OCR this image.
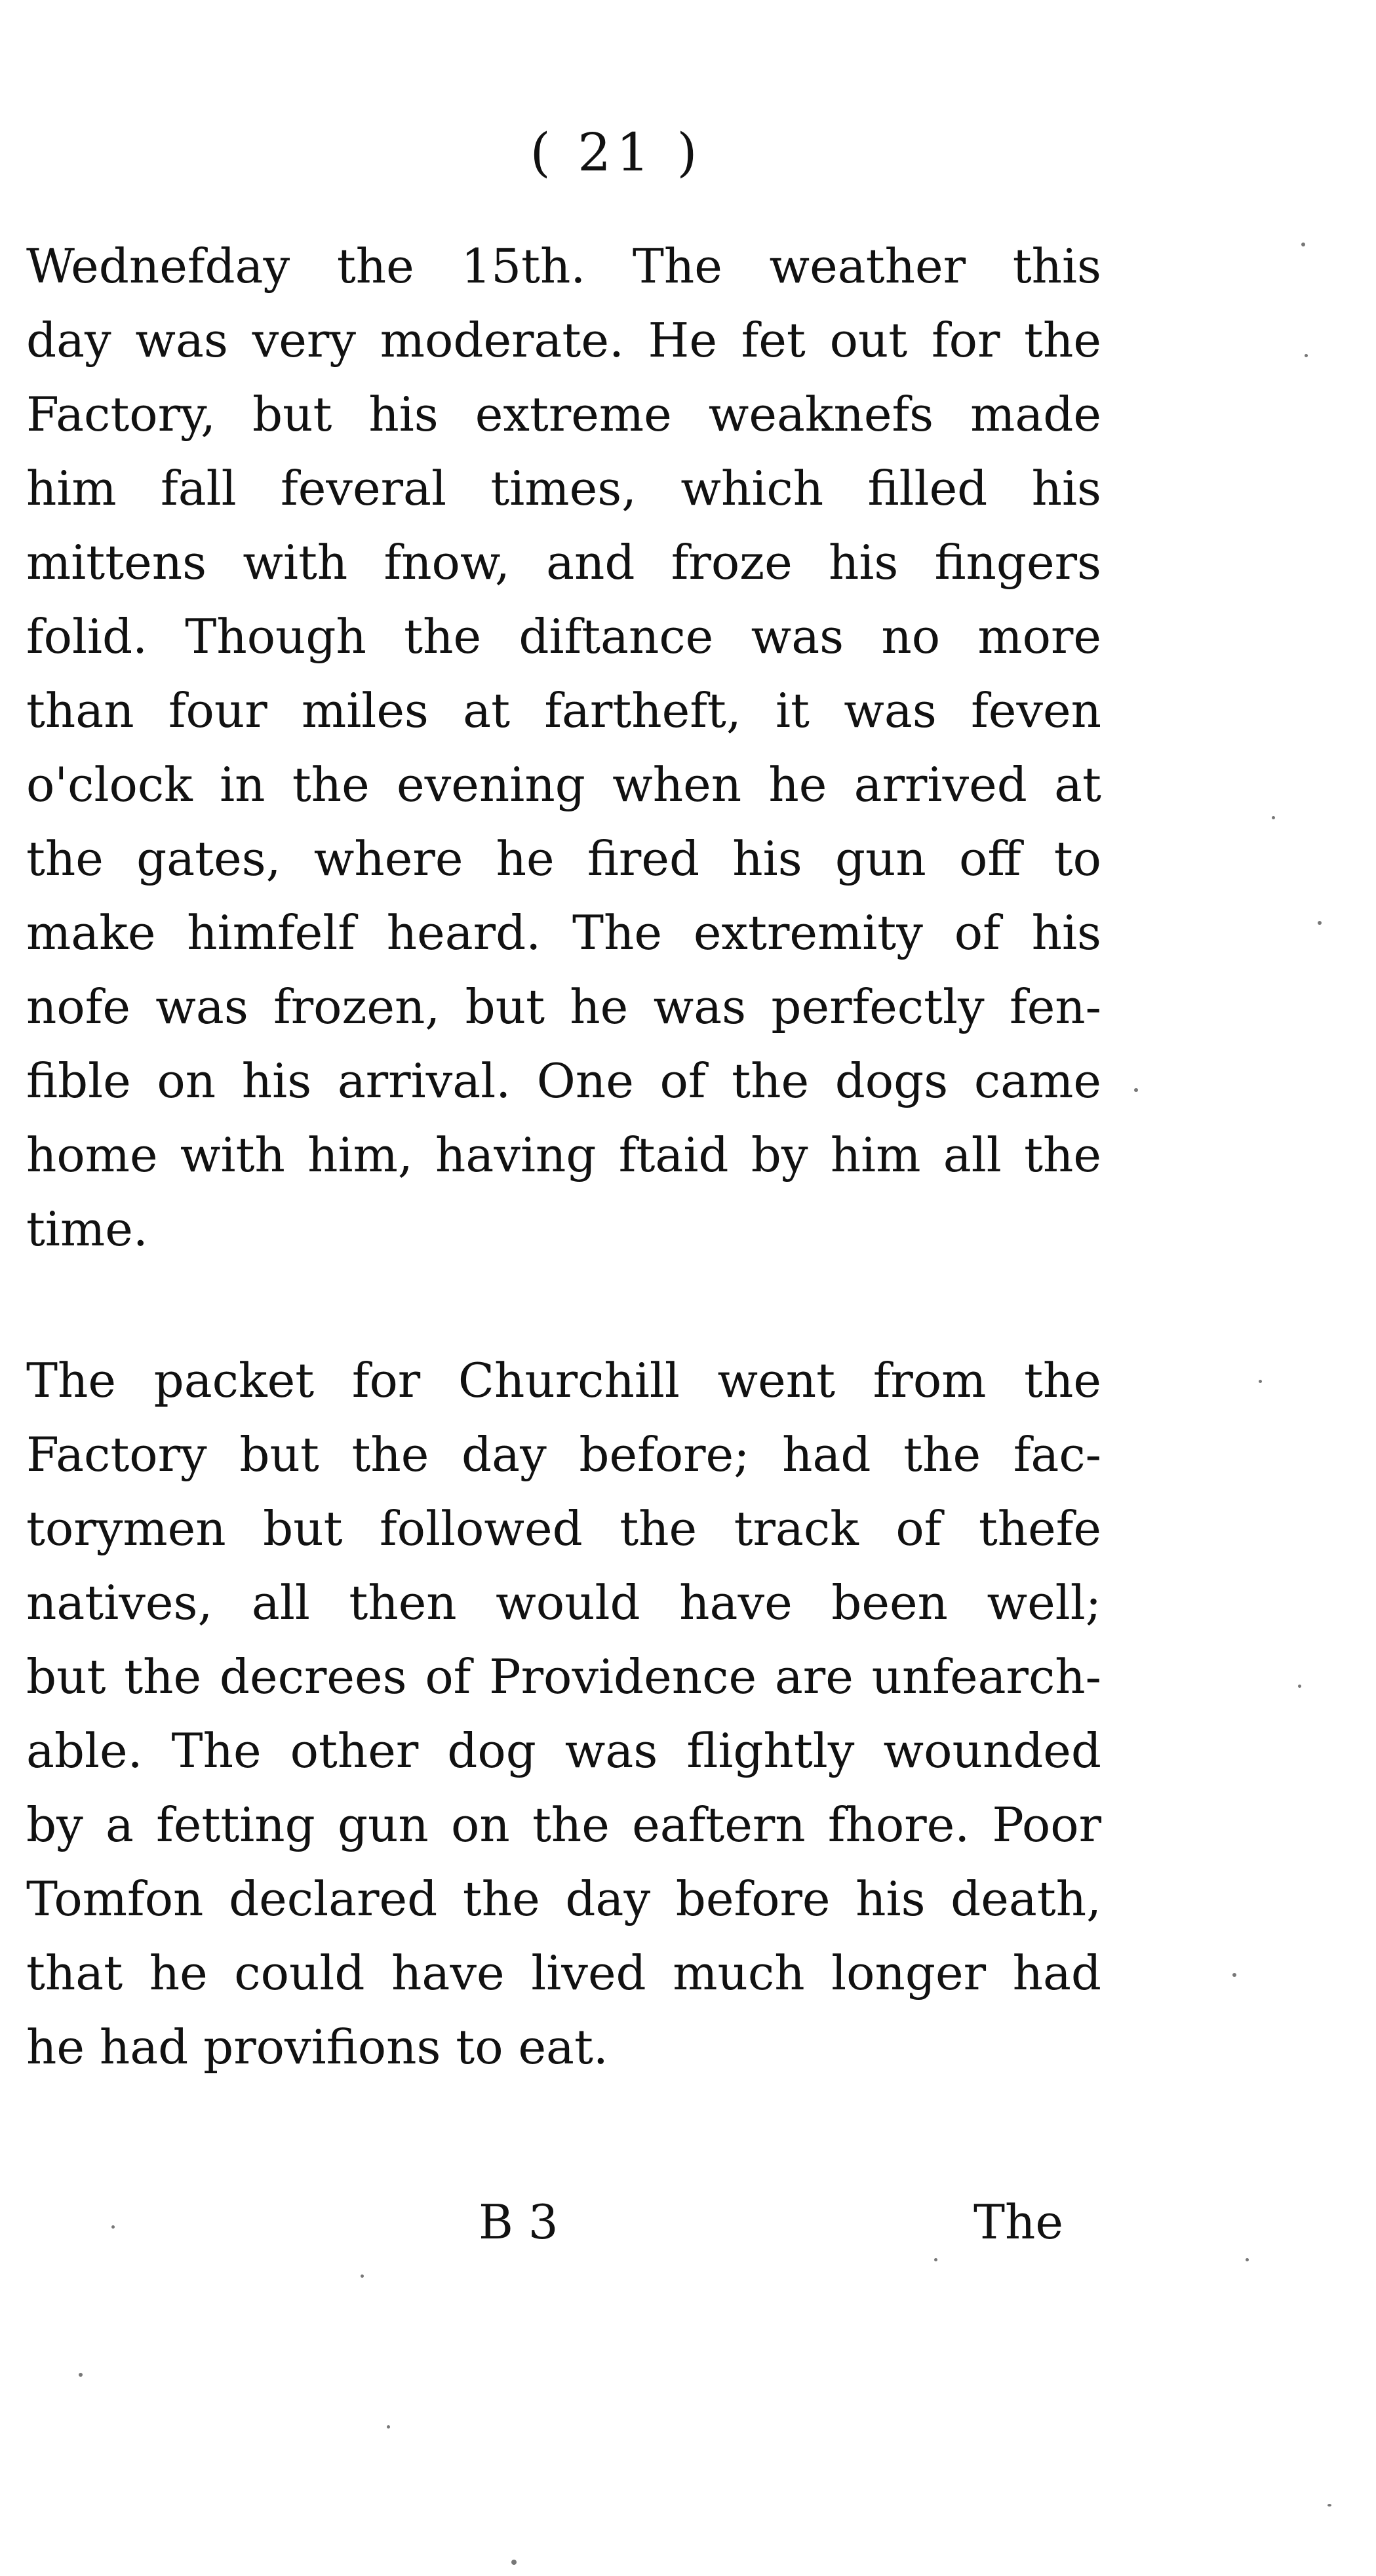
( 21 )
Wednefday the 15th. The weather this
day was very moderate. He fet out for the
Factory, but his extreme weaknefs made
him fall feveral times, which filled his
mittens with fnow, and froze his fingers
folid. Though the diftance was no more
than four miles at fartheft, it was feven
o'clock in the evening when he arrived at
the gates, where he fired his gun off to
make himfelf heard. The extremity of his
nofe was frozen, but he was perfectly fen-
fible on his arrival. One of the dogs came
home with him, having ftaid by him all the
time.
The packet for Churchill went from the
Factory but the day before; had the fac-
torymen but followed the track of thefe
natives, all then would have been well;
but the decrees of Providence are unfearch-
able. The other dog was flightly wounded
by a fetting gun on the eaftern fhore. Poor
Tomfon declared the day before his death,
that he could have lived much longer had
he had provifions to eat.
B 3	The
